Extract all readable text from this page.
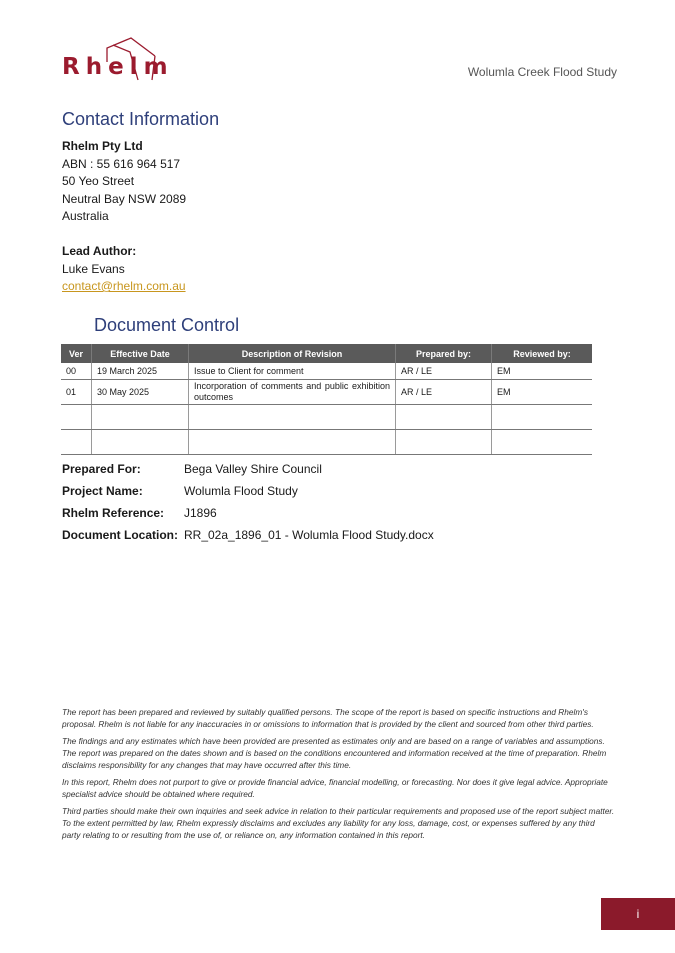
Rhelm	Wolumla Creek Flood Study
Contact Information
Rhelm Pty Ltd
ABN : 55 616 964 517
50 Yeo Street
Neutral Bay NSW 2089
Australia
Lead Author:
Luke Evans
contact@rhelm.com.au
Document Control
Ver	Effective Date	Description of Revision	Prepared by:	Reviewed by:
00	19 March 2025	Issue to Client for comment	AR / LE	EM
01	30 May 2025	Incorporation of comments and public exhibition outcomes	AR / LE	EM

Prepared For:	Bega Valley Shire Council
Project Name:	Wolumla Flood Study
Rhelm Reference: J1896
Document Location: RR_02a_1896_01 - Wolumla Flood Study.docx

The report has been prepared and reviewed by suitably qualified persons. The scope of the report is based on specific instructions and Rhelm's proposal. Rhelm is not liable for any inaccuracies in or omissions to information that is provided by the client and sourced from other third parties.

The findings and any estimates which have been provided are presented as estimates only and are based on a range of variables and assumptions. The report was prepared on the dates shown and is based on the conditions encountered and information received at the time of preparation. Rhelm disclaims responsibility for any changes that may have occurred after this time.

In this report, Rhelm does not purport to give or provide financial advice, financial modelling, or forecasting. Nor does it give legal advice. Appropriate specialist advice should be obtained where required.

Third parties should make their own inquiries and seek advice in relation to their particular requirements and proposed use of the report subject matter. To the extent permitted by law, Rhelm expressly disclaims and excludes any liability for any loss, damage, cost, or expenses suffered by any third party relating to or resulting from the use of, or reliance on, any information contained in this report.

i
